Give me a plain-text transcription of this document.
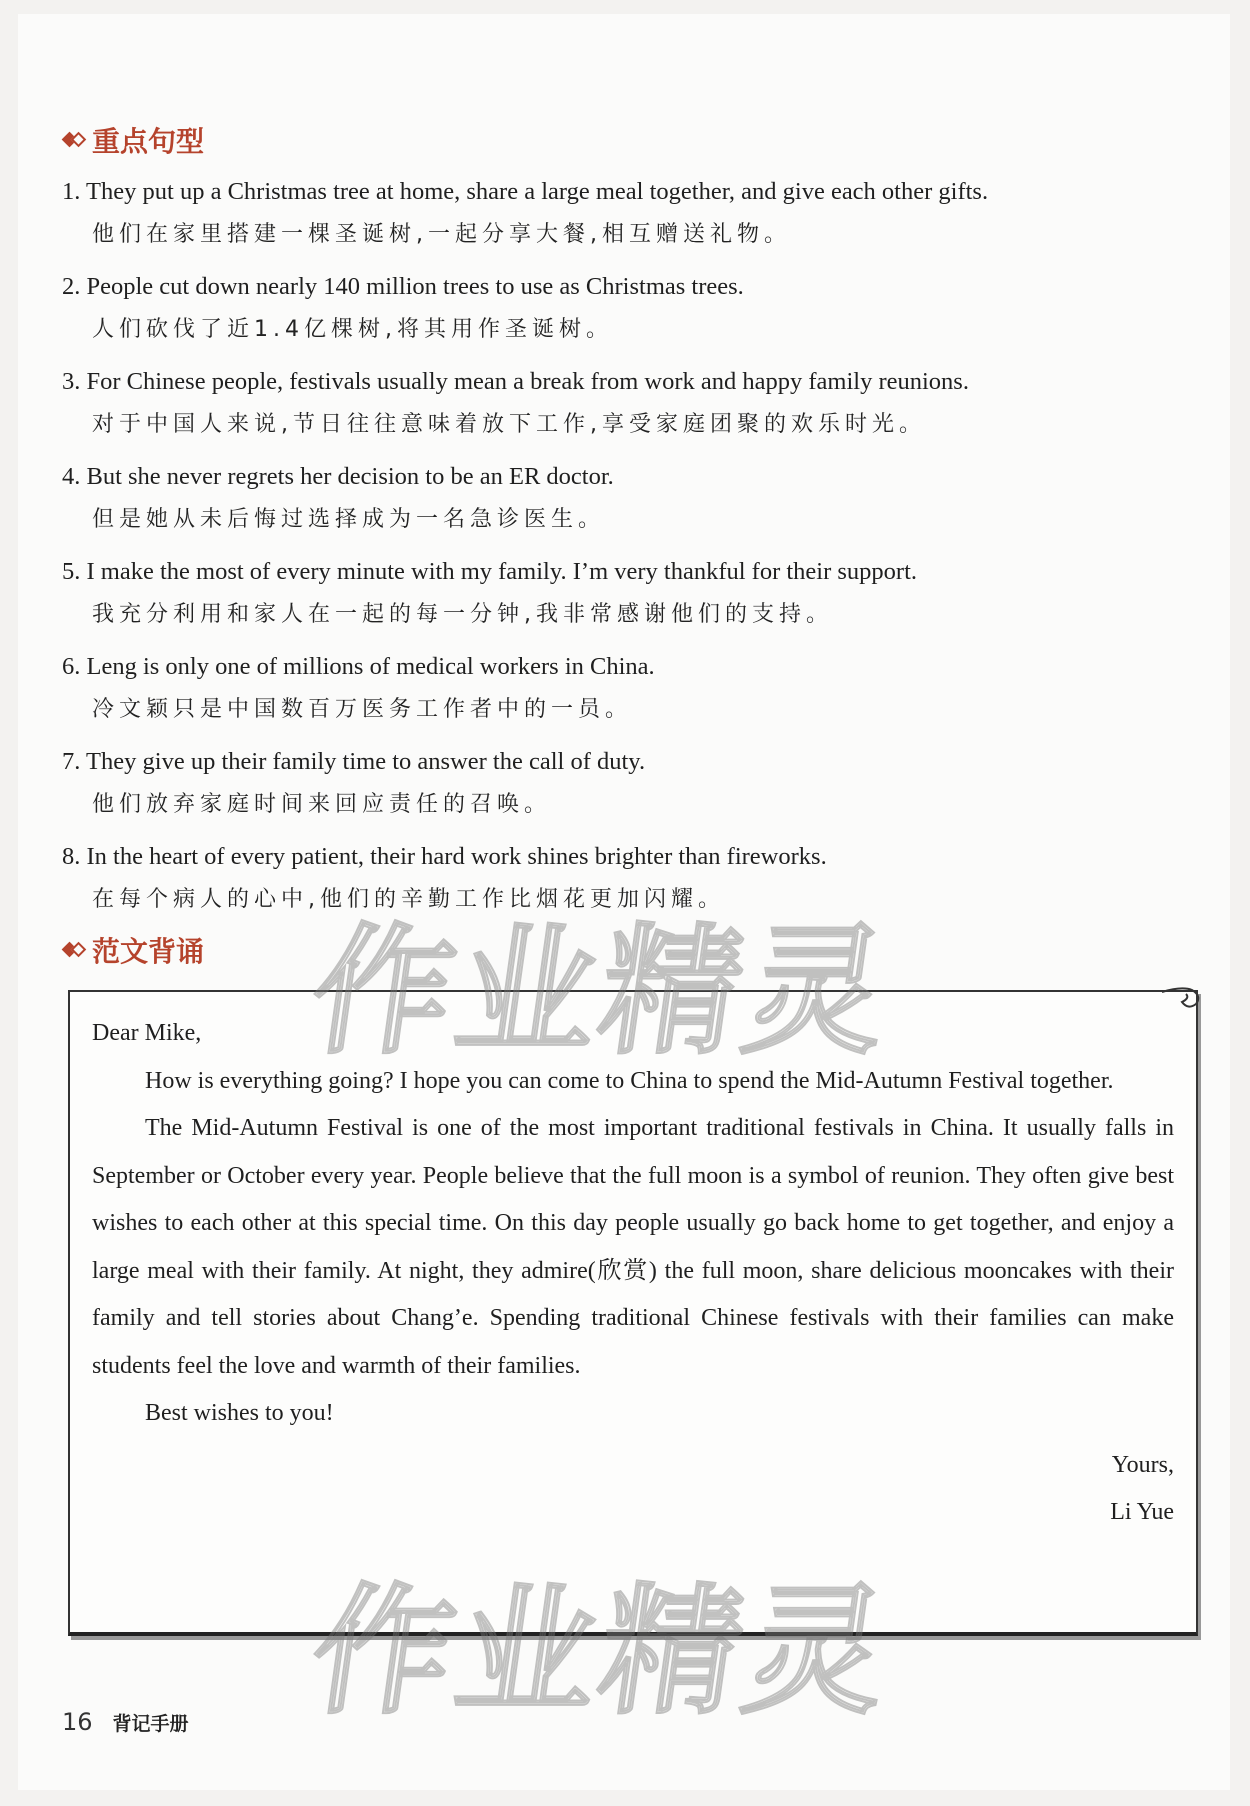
重点句型
1. They put up a Christmas tree at home, share a large meal together, and give each other gifts.
他们在家里搭建一棵圣诞树,一起分享大餐,相互赠送礼物。
2. People cut down nearly 140 million trees to use as Christmas trees.
人们砍伐了近1.4亿棵树,将其用作圣诞树。
3. For Chinese people, festivals usually mean a break from work and happy family reunions.
对于中国人来说,节日往往意味着放下工作,享受家庭团聚的欢乐时光。
4. But she never regrets her decision to be an ER doctor.
但是她从未后悔过选择成为一名急诊医生。
5. I make the most of every minute with my family. I’m very thankful for their support.
我充分利用和家人在一起的每一分钟,我非常感谢他们的支持。
6. Leng is only one of millions of medical workers in China.
冷文颖只是中国数百万医务工作者中的一员。
7. They give up their family time to answer the call of duty.
他们放弃家庭时间来回应责任的召唤。
8. In the heart of every patient, their hard work shines brighter than fireworks.
在每个病人的心中,他们的辛勤工作比烟花更加闪耀。
范文背诵

Dear Mike,

How is everything going? I hope you can come to China to spend the Mid-Autumn Festival together.

The Mid-Autumn Festival is one of the most important traditional festivals in China. It usually falls in September or October every year. People believe that the full moon is a symbol of reunion. They often give best wishes to each other at this special time. On this day people usually go back home to get together, and enjoy a large meal with their family. At night, they admire(欣赏) the full moon, share delicious mooncakes with their family and tell stories about Chang’e. Spending traditional Chinese festivals with their families can make students feel the love and warmth of their families.

Best wishes to you!

Yours,

Li Yue

作业精灵
作业精灵
16 背记手册
